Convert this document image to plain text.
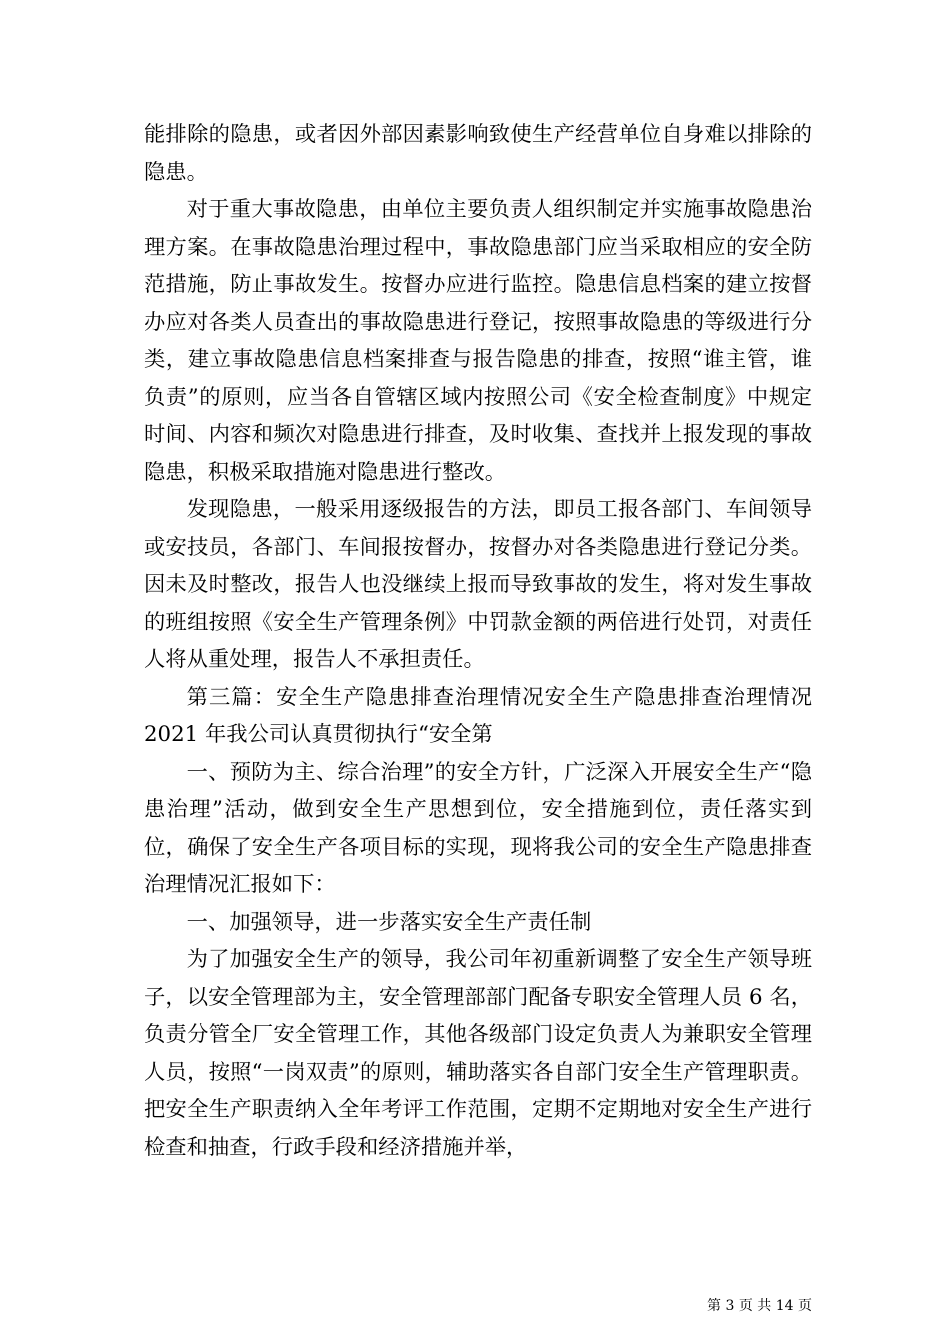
能排除的隐患，或者因外部因素影响致使生产经营单位自身难以排除的隐患。

对于重大事故隐患，由单位主要负责人组织制定并实施事故隐患治理方案。在事故隐患治理过程中，事故隐患部门应当采取相应的安全防范措施，防止事故发生。按督办应进行监控。隐患信息档案的建立按督办应对各类人员查出的事故隐患进行登记，按照事故隐患的等级进行分类，建立事故隐患信息档案排查与报告隐患的排查，按照“谁主管，谁负责”的原则，应当各自管辖区域内按照公司《安全检查制度》中规定时间、内容和频次对隐患进行排查，及时收集、查找并上报发现的事故隐患，积极采取措施对隐患进行整改。

发现隐患，一般采用逐级报告的方法，即员工报各部门、车间领导或安技员，各部门、车间报按督办，按督办对各类隐患进行登记分类。因未及时整改，报告人也没继续上报而导致事故的发生，将对发生事故的班组按照《安全生产管理条例》中罚款金额的两倍进行处罚，对责任人将从重处理，报告人不承担责任。

第三篇：安全生产隐患排查治理情况安全生产隐患排查治理情况 2021 年我公司认真贯彻执行“安全第

一、预防为主、综合治理”的安全方针，广泛深入开展安全生产“隐患治理”活动，做到安全生产思想到位，安全措施到位，责任落实到位，确保了安全生产各项目标的实现，现将我公司的安全生产隐患排查治理情况汇报如下：

一、加强领导，进一步落实安全生产责任制

为了加强安全生产的领导，我公司年初重新调整了安全生产领导班子，以安全管理部为主，安全管理部部门配备专职安全管理人员 6 名，负责分管全厂安全管理工作，其他各级部门设定负责人为兼职安全管理人员，按照“一岗双责”的原则，辅助落实各自部门安全生产管理职责。把安全生产职责纳入全年考评工作范围，定期不定期地对安全生产进行检查和抽查，行政手段和经济措施并举，

第 3 页 共 14 页
